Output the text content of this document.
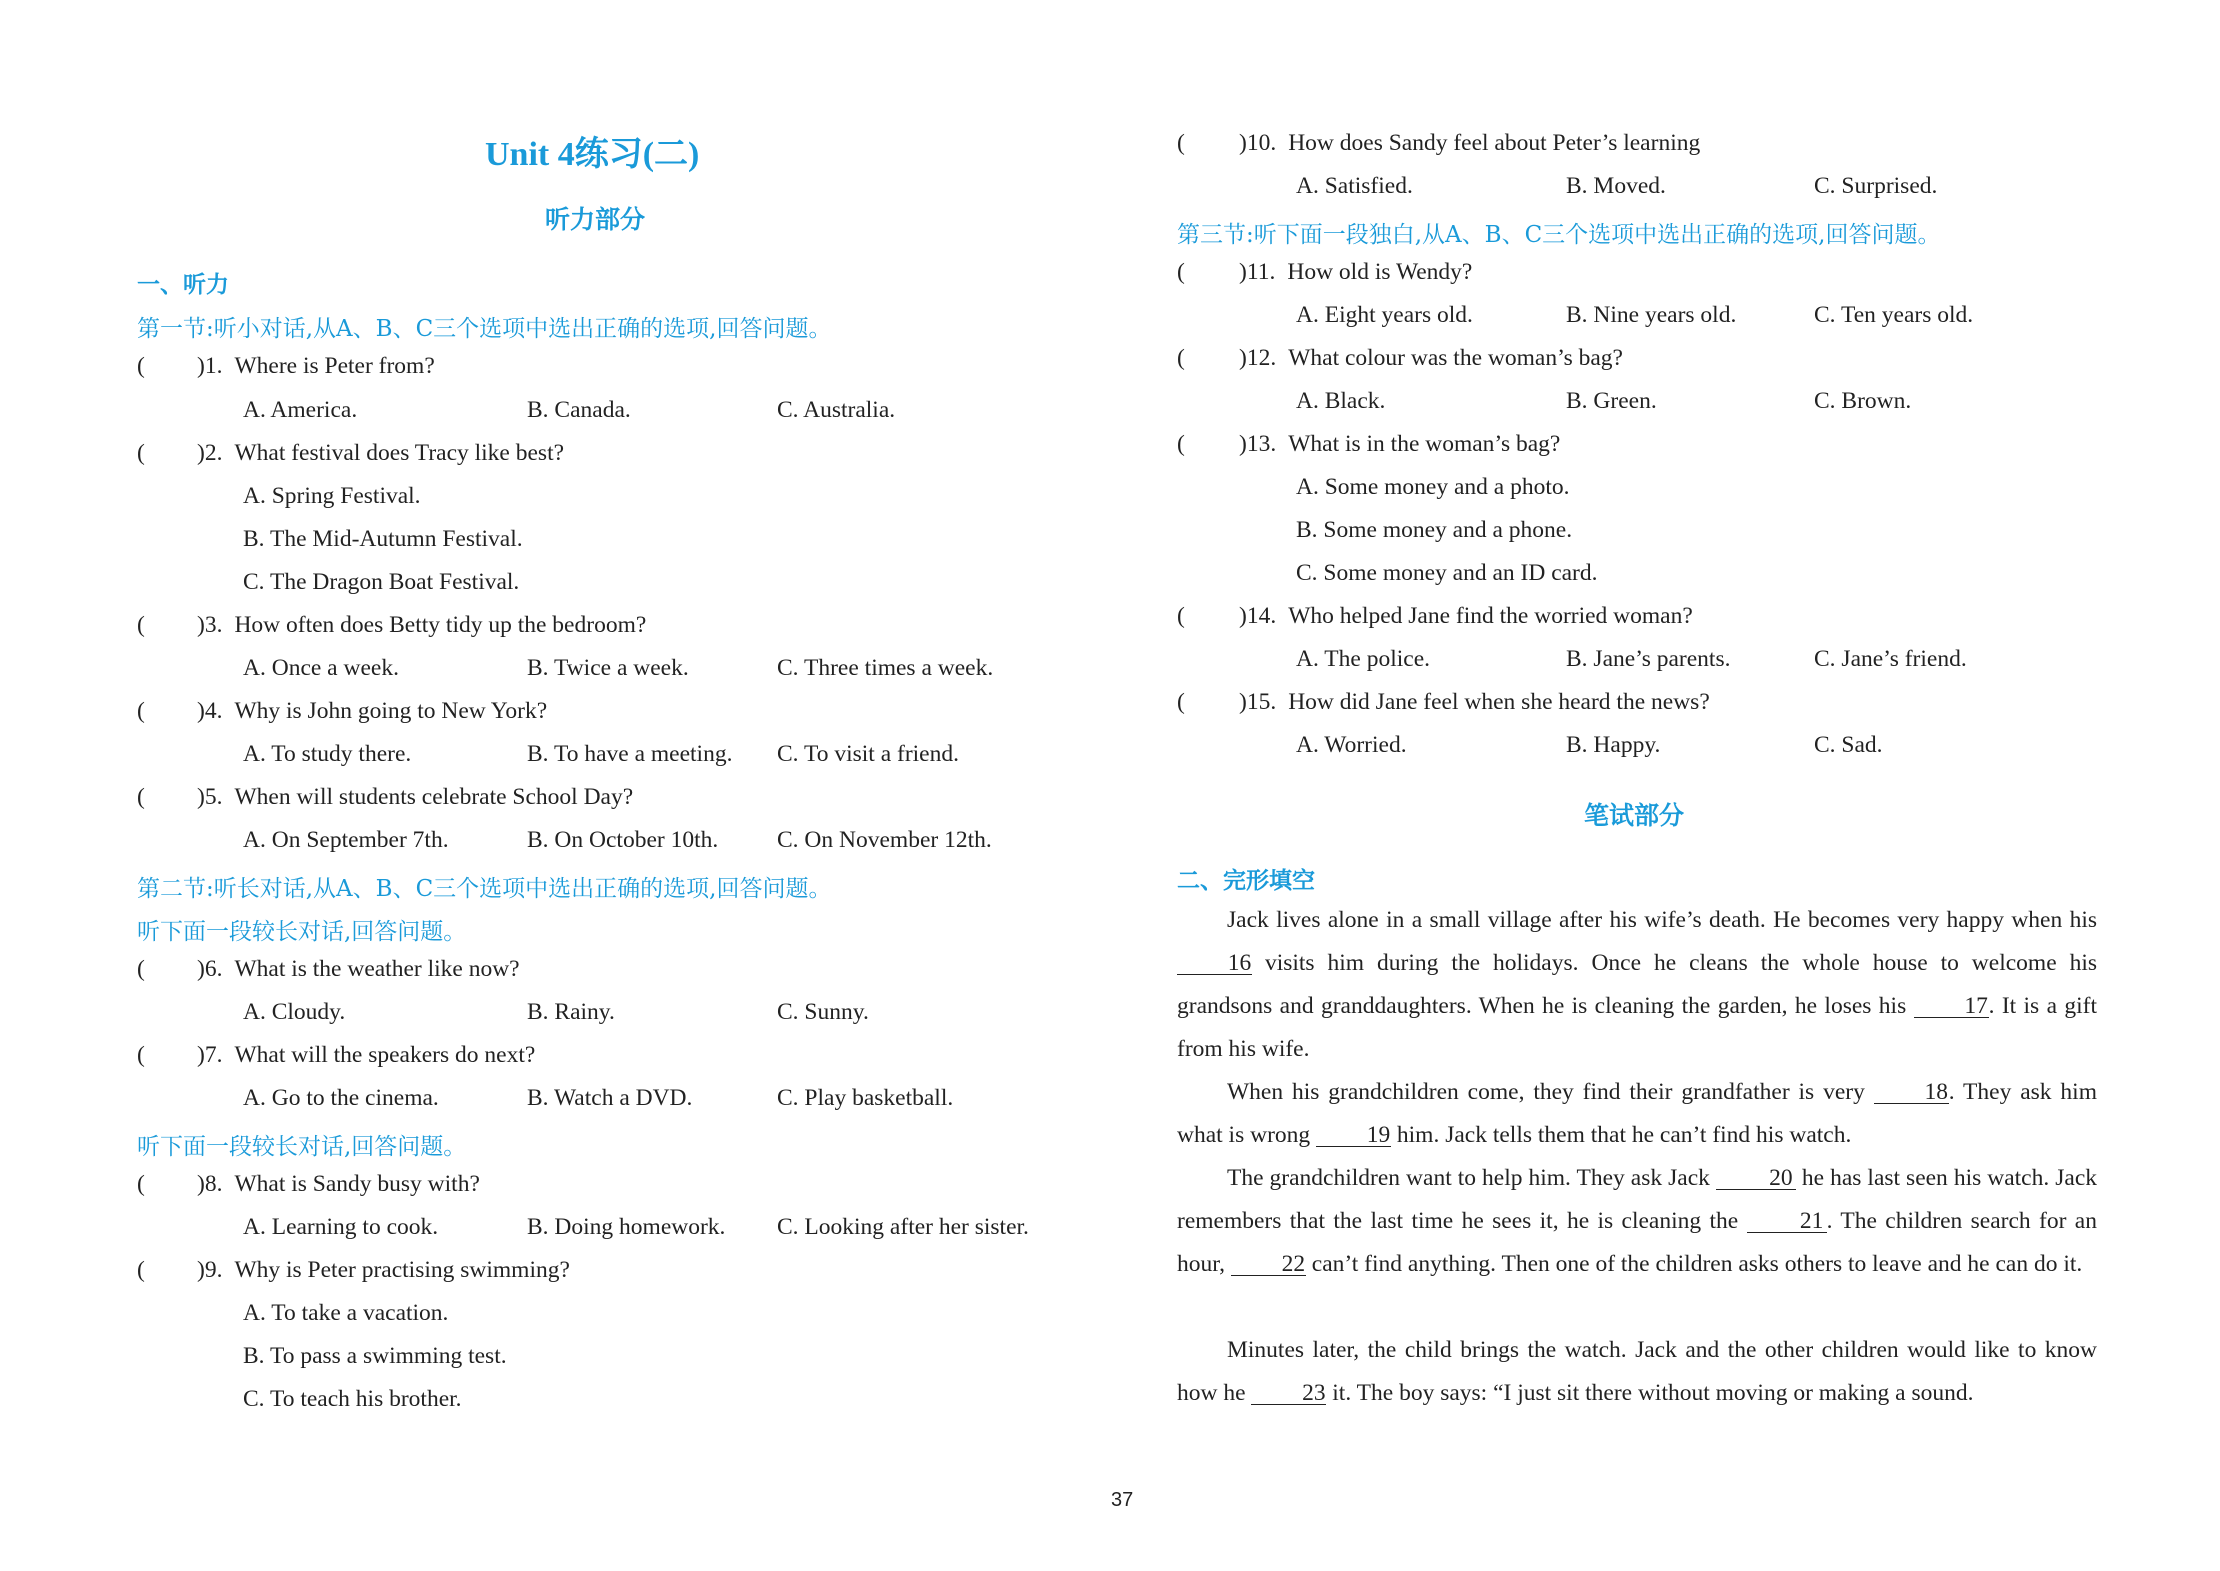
Unit 4练习(二)
听力部分
一、听力
第一节:听小对话,从A、B、C三个选项中选出正确的选项,回答问题。
(	) 1. Where is Peter from?
A. America.	B. Canada.	C. Australia.
(	) 2. What festival does Tracy like best?
A. Spring Festival.
B. The Mid-Autumn Festival.
C. The Dragon Boat Festival.
(	) 3. How often does Betty tidy up the bedroom?
A. Once a week.	B. Twice a week.	C. Three times a week.
(	) 4. Why is John going to New York?
A. To study there.	B. To have a meeting.	C. To visit a friend.
(	) 5. When will students celebrate School Day?
A. On September 7th.	B. On October 10th.	C. On November 12th.
第二节:听长对话,从A、B、C三个选项中选出正确的选项,回答问题。
听下面一段较长对话,回答问题。
(	) 6. What is the weather like now?
A. Cloudy.	B. Rainy.	C. Sunny.
(	) 7. What will the speakers do next?
A. Go to the cinema.	B. Watch a DVD.	C. Play basketball.
听下面一段较长对话,回答问题。
(	) 8. What is Sandy busy with?
A. Learning to cook.	B. Doing homework.	C. Looking after her sister.
(	) 9. Why is Peter practising swimming?
A. To take a vacation.
B. To pass a swimming test.
C. To teach his brother.
(	) 10. How does Sandy feel about Peter’s learning
A. Satisfied.	B. Moved.	C. Surprised.
第三节:听下面一段独白,从A、B、C三个选项中选出正确的选项,回答问题。
(	) 11. How old is Wendy?
A. Eight years old.	B. Nine years old.	C. Ten years old.
(	) 12. What colour was the woman’s bag?
A. Black.	B. Green.	C. Brown.
(	) 13. What is in the woman’s bag?
A. Some money and a photo.
B. Some money and a phone.
C. Some money and an ID card.
(	) 14. Who helped Jane find the worried woman?
A. The police.	B. Jane’s parents.	C. Jane’s friend.
(	) 15. How did Jane feel when she heard the news?
A. Worried.	B. Happy.	C. Sad.
笔试部分
二、完形填空
Jack lives alone in a small village after his wife’s death. He becomes very happy when his 16 visits him during the holidays. Once he cleans the whole house to welcome his grandsons and granddaughters. When he is cleaning the garden, he loses his 17. It is a gift from his wife.
When his grandchildren come, they find their grandfather is very 18. They ask him what is wrong 19 him. Jack tells them that he can’t find his watch.
The grandchildren want to help him. They ask Jack 20 he has last seen his watch. Jack remembers that the last time he sees it, he is cleaning the 21 . The children search for an hour, 22 can’t find anything. Then one of the children asks others to leave and he can do it.
Minutes later, the child brings the watch. Jack and the other children would like to know how he 23 it. The boy says: “I just sit there without moving or making a sound.
37
